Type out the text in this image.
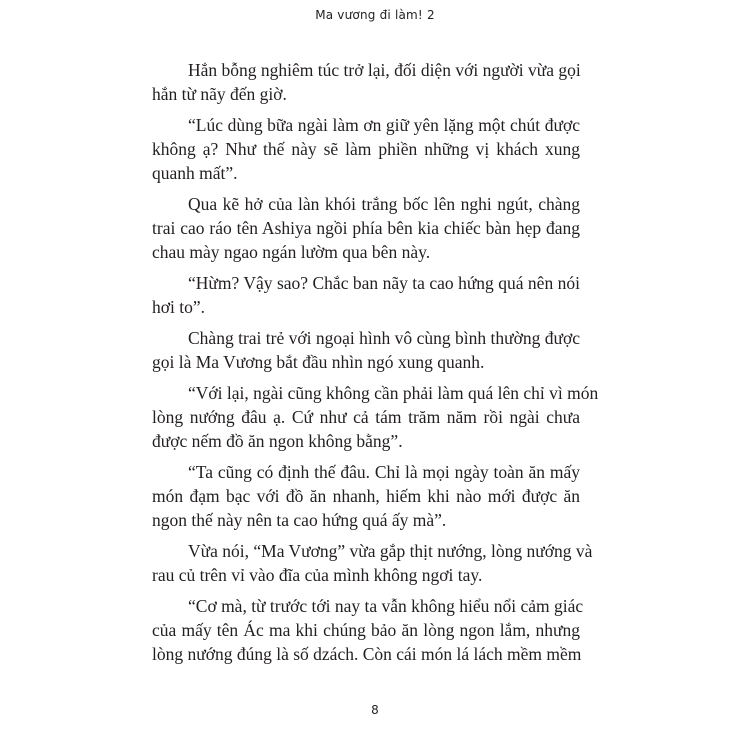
Ma vương đi làm! 2
Hắn bỗng nghiêm túc trở lại, đối diện với người vừa gọi
hắn từ nãy đến giờ.
“Lúc dùng bữa ngài làm ơn giữ yên lặng một chút được
không ạ? Như thế này sẽ làm phiền những vị khách xung
quanh mất”.
Qua kẽ hở của làn khói trắng bốc lên nghi ngút, chàng
trai cao ráo tên Ashiya ngồi phía bên kia chiếc bàn hẹp đang
chau mày ngao ngán lườm qua bên này.
“Hừm? Vậy sao? Chắc ban nãy ta cao hứng quá nên nói
hơi to”.
Chàng trai trẻ với ngoại hình vô cùng bình thường được
gọi là Ma Vương bắt đầu nhìn ngó xung quanh.
“Với lại, ngài cũng không cần phải làm quá lên chỉ vì món
lòng nướng đâu ạ. Cứ như cả tám trăm năm rồi ngài chưa
được nếm đồ ăn ngon không bằng”.
“Ta cũng có định thế đâu. Chỉ là mọi ngày toàn ăn mấy
món đạm bạc với đồ ăn nhanh, hiếm khi nào mới được ăn
ngon thế này nên ta cao hứng quá ấy mà”.
Vừa nói, “Ma Vương” vừa gắp thịt nướng, lòng nướng và
rau củ trên vỉ vào đĩa của mình không ngơi tay.
“Cơ mà, từ trước tới nay ta vẫn không hiểu nổi cảm giác
của mấy tên Ác ma khi chúng bảo ăn lòng ngon lắm, nhưng
lòng nướng đúng là số dzách. Còn cái món lá lách mềm mềm
8
